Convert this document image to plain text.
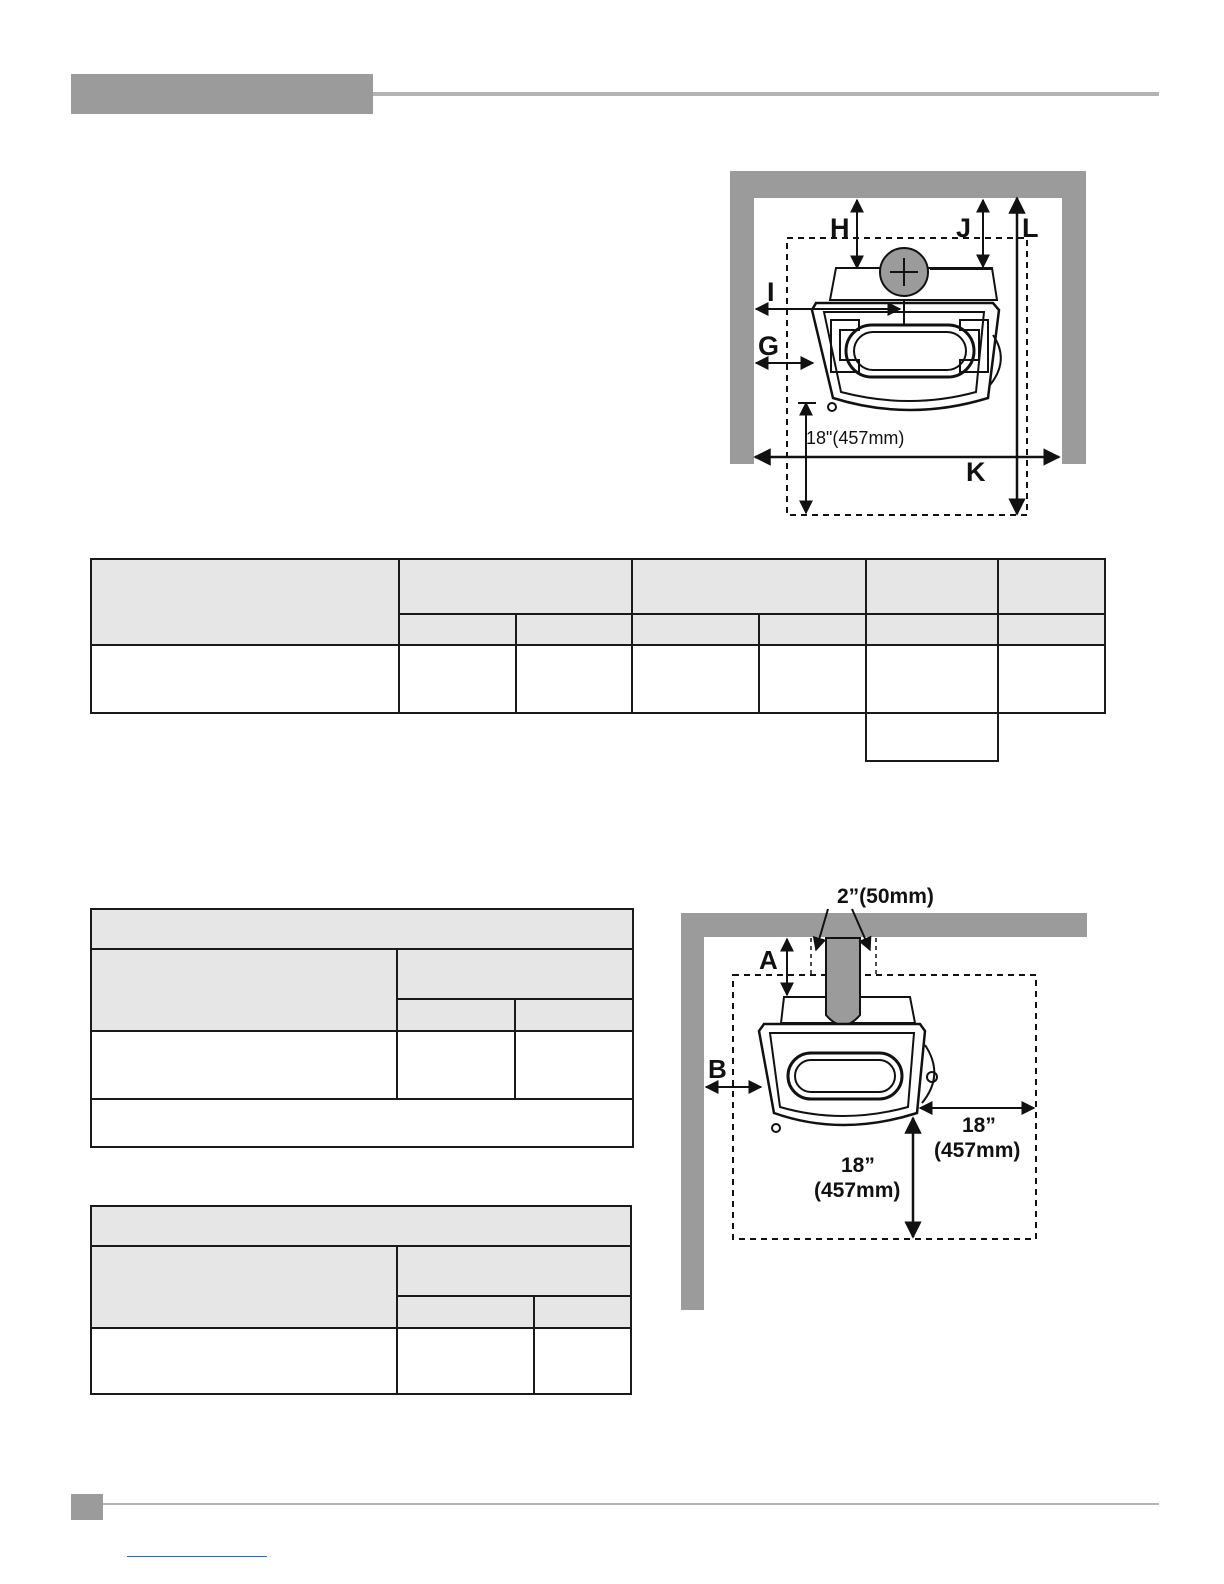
H	J L
I
G
K
18"(457mm)
2”(50mm)
A
B
18”
(457mm)
18”
(457mm)
